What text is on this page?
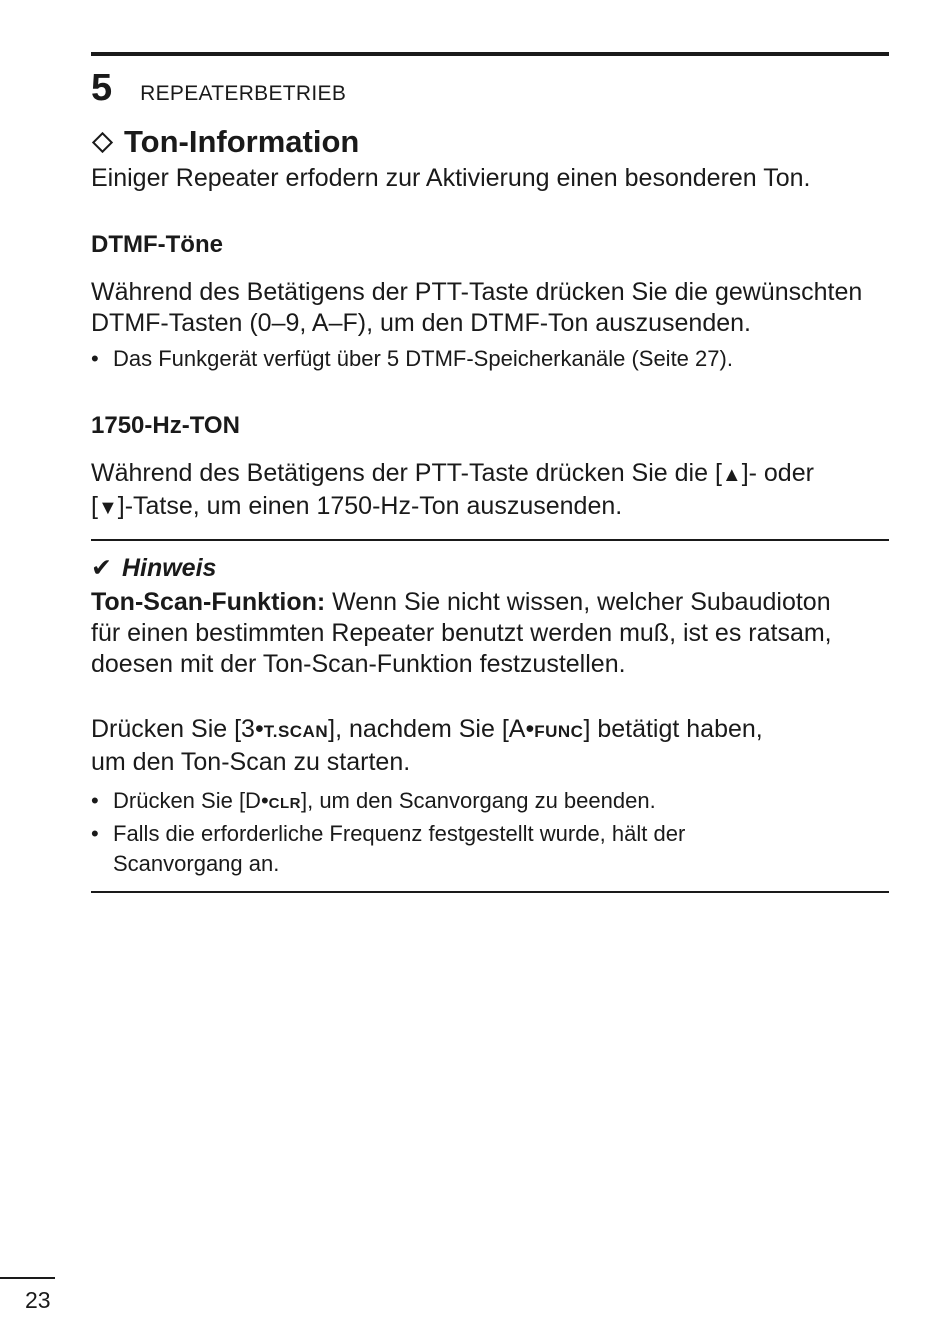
5 REPEATERBETRIEB
Ton-Information
Einiger Repeater erfodern zur Aktivierung einen besonderen Ton.
DTMF-Töne
Während des Betätigens der PTT-Taste drücken Sie die gewünschten
DTMF-Tasten (0–9, A–F), um den DTMF-Ton auszusenden.
• Das Funkgerät verfügt über 5 DTMF-Speicherkanäle (Seite 27).
1750-Hz-TON
Während des Betätigens der PTT-Taste drücken Sie die [▲]- oder
[▼]-Tatse, um einen 1750-Hz-Ton auszusenden.
✔ Hinweis
Ton-Scan-Funktion: Wenn Sie nicht wissen, welcher Subaudioton
für einen bestimmten Repeater benutzt werden muß, ist es ratsam,
doesen mit der Ton-Scan-Funktion festzustellen.
Drücken Sie [3•T.SCAN], nachdem Sie [A•FUNC] betätigt haben,
um den Ton-Scan zu starten.
• Drücken Sie [D•CLR], um den Scanvorgang zu beenden.
• Falls die erforderliche Frequenz festgestellt wurde, hält der
Scanvorgang an.
23
